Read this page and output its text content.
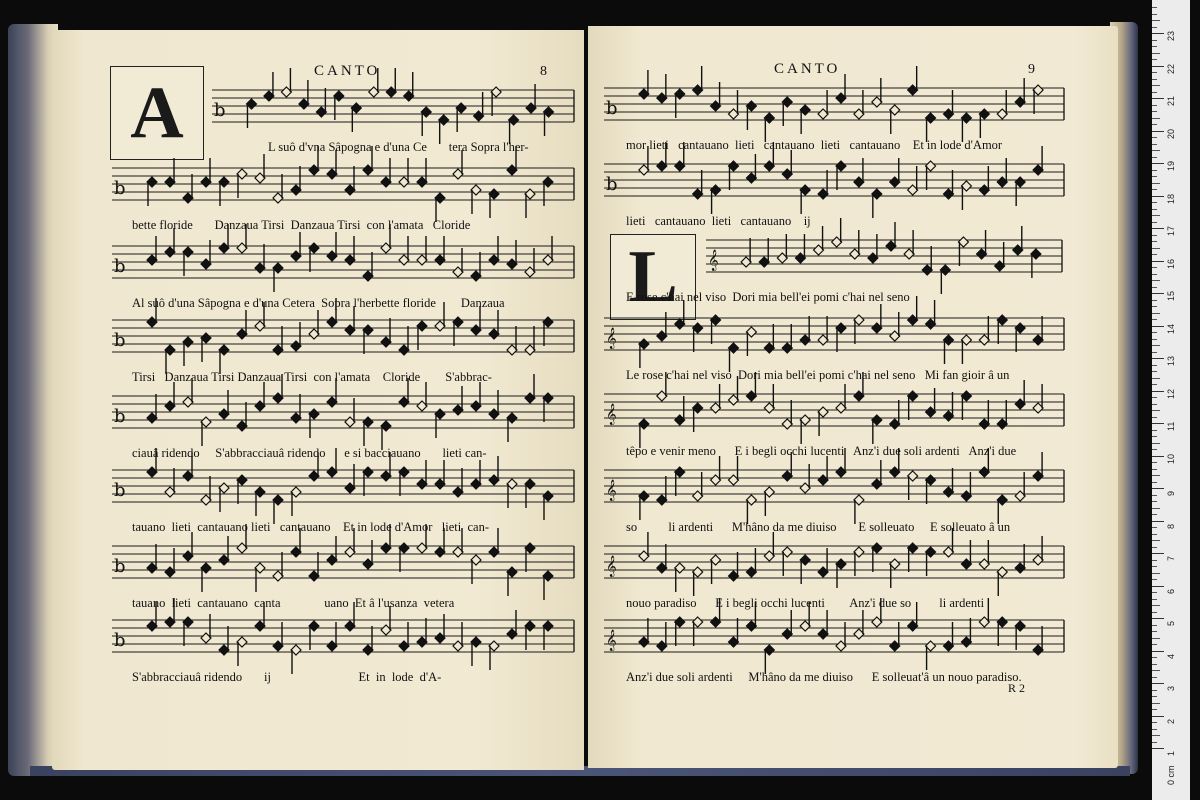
CANTO	8
A
CANTO	9
L
R 2
b
b
b
b
b
b
b
b
b
b
𝄞
𝄞
𝄞
𝄞
𝄞
𝄞
L suô d'vna Sâpogna e d'una Ce       tera Sopra l'her-
bette floride       Danzaua Tirsi  Danzaua Tirsi  con l'amata   Cloride
Al suô d'una Sâpogna e d'una Cetera  Sopra l'herbette floride        Danzaua
Tirsi   Danzaua Tirsi Danzaua Tirsi  con l'amata    Cloride        S'abbrac-
ciauâ ridendo     S'abbracciauâ ridendo      e si bacciauano       lieti can-
tauano  lieti  cantauano lieti   cantauano    Et in lode d'Amor   lieti  can-
tauano  lieti  cantauano  canta              uano  Et â l'usanza  vetera
S'abbracciauâ ridendo       ij                            Et  in  lode  d'A-
mor lieti   cantauano  lieti   cantauano  lieti   cantauano    Et in lode d'Amor
lieti   cantauano  lieti   cantauano    ij
E rose c'hai nel viso  Dori mia bell'ei pomi c'hai nel seno
Le rose c'hai nel viso  Dori mia bell'ei pomi c'hai nel seno   Mi fan gioir â un
têpo e venir meno      E i begli occhi lucenti   Anz'i due soli ardenti   Anz'i due
so          li ardenti      M'hâno da me diuiso       E solleuato     E solleuato â un
nouo paradiso      E i begli occhi lucenti        Anz'i due so         li ardenti
Anz'i due soli ardenti     M'hâno da me diuiso      E solleuat'â un nouo paradiso.
0 cm
1
2
3
4
5
6
7
8
9
10
11
12
13
14
15
16
17
18
19
20
21
22
23
